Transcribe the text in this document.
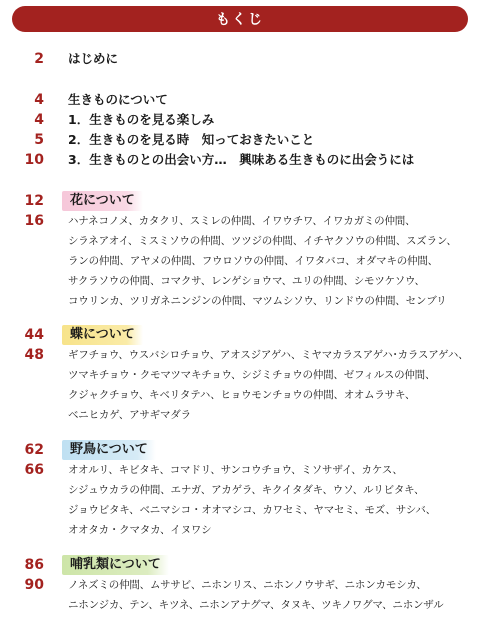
もくじ
2 はじめに
4 生きものについて
4 1．生きものを見る楽しみ
5 2．生きものを見る時　知っておきたいこと
10 3．生きものとの出会い方…　興味ある生きものに出会うには
12	花について
16 ハナネコノメ、カタクリ、スミレの仲間、イワウチワ、イワカガミの仲間、
シラネアオイ、ミスミソウの仲間、ツツジの仲間、イチヤクソウの仲間、スズラン、
ランの仲間、アヤメの仲間、フウロソウの仲間、イワタバコ、オダマキの仲間、
サクラソウの仲間、コマクサ、レンゲショウマ、ユリの仲間、シモツケソウ、
コウリンカ、ツリガネニンジンの仲間、マツムシソウ、リンドウの仲間、センブリ
44	蝶について
48 ギフチョウ、ウスバシロチョウ、アオスジアゲハ、ミヤマカラスアゲハ･カラスアゲハ、
ツマキチョウ・クモマツマキチョウ、シジミチョウの仲間、ゼフィルスの仲間、
クジャクチョウ、キベリタテハ、ヒョウモンチョウの仲間、オオムラサキ、
ベニヒカゲ、アサギマダラ
62	野鳥について
66 オオルリ、キビタキ、コマドリ、サンコウチョウ、ミソサザイ、カケス、
シジュウカラの仲間、エナガ、アカゲラ、キクイタダキ、ウソ、ルリビタキ、
ジョウビタキ、ベニマシコ・オオマシコ、カワセミ、ヤマセミ、モズ、サシバ、
オオタカ・クマタカ、イヌワシ
86	哺乳類について
90 ノネズミの仲間、ムササビ、ニホンリス、ニホンノウサギ、ニホンカモシカ、
ニホンジカ、テン、キツネ、ニホンアナグマ、タヌキ、ツキノワグマ、ニホンザル
